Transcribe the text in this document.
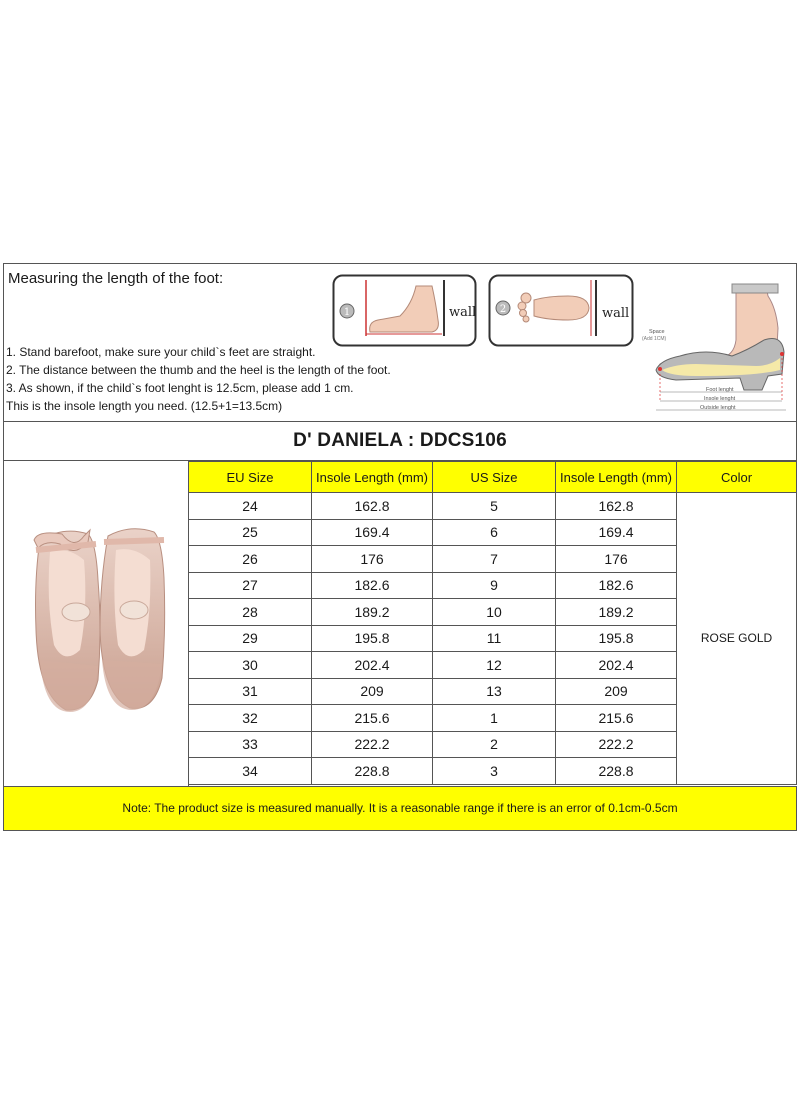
Measuring the length of the foot:
1	wall 2	wall
Space
(Add 1CM)
Foot lenght
Insole lenght
Outside lenght
1. Stand barefoot, make sure your child`s feet are straight.
2. The distance between the thumb and the heel is the length of the foot.
3. As shown, if the child`s foot lenght is 12.5cm, please add 1 cm.
This is the insole length you need. (12.5+1=13.5cm)
D' DANIELA : DDCS106
EU Size	Insole Length (mm)	US Size	Insole Length (mm)	Color
24	162.8	5	162.8	ROSE GOLD
25	169.4	6	169.4	
26	176	7	176	
27	182.6	9	182.6	
28	189.2	10	189.2	
29	195.8	11	195.8	
30	202.4	12	202.4	
31	209	13	209	
32	215.6	1	215.6	
33	222.2	2	222.2	
34	228.8	3	228.8	
Note: The product size is measured manually. It is a reasonable range if there is an error of 0.1cm-0.5cm
